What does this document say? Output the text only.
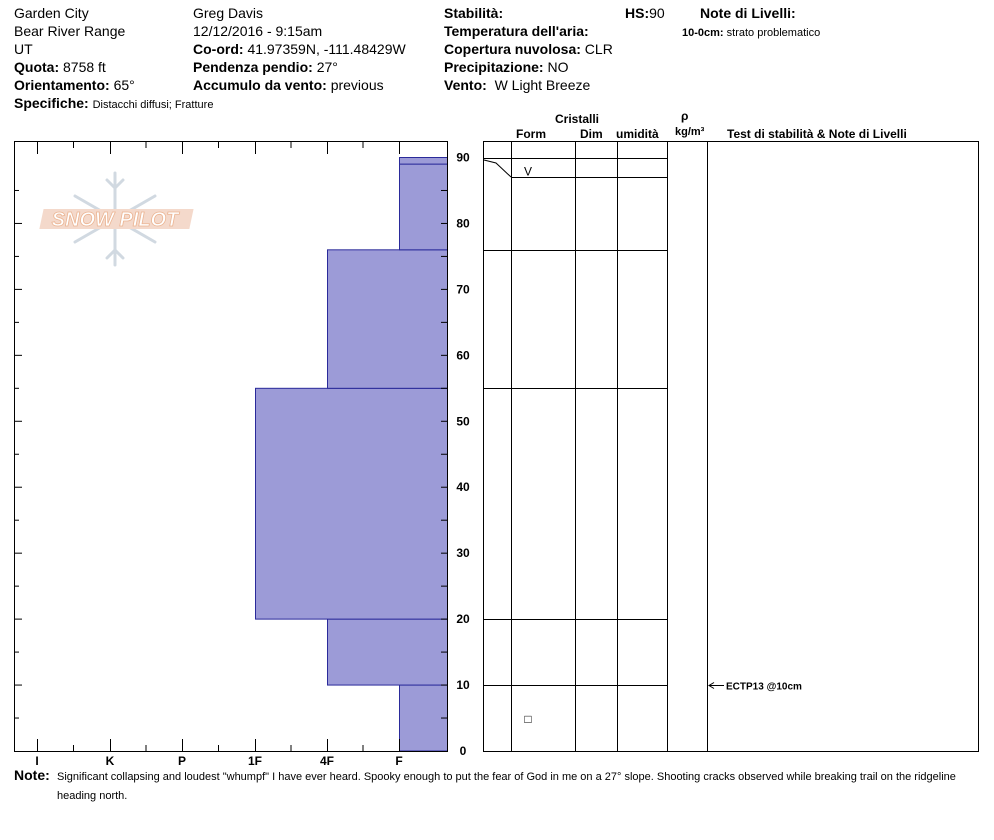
Garden City
Bear River Range
UT
Quota: 8758 ft
Orientamento: 65°
Specifiche: Distacchi diffusi; Fratture
Greg Davis
12/12/2016 - 9:15am
Co-ord: 41.97359N, -111.48429W
Pendenza pendio: 27°
Accumulo da vento: previous
Stabilità:
Temperatura dell'aria:
Copertura nuvolosa: CLR
Precipitazione: NO
Vento: W Light Breeze
HS:90	Note di Livelli:
10-0cm: strato problematico
Cristalli
Form	Dim umidità
ρ
kg/m³ Test di stabilità & Note di Livelli
SNOW PILOT
I	K	P	1F	4F	F
0
10
20
30
40
50
60
70
80
90
V
□
ECTP13 @10cm
Note: Significant collapsing and loudest "whumpf" I have ever heard. Spooky enough to put the fear of God in me on a 27° slope. Shooting cracks observed while breaking trail on the ridgeline heading north.
